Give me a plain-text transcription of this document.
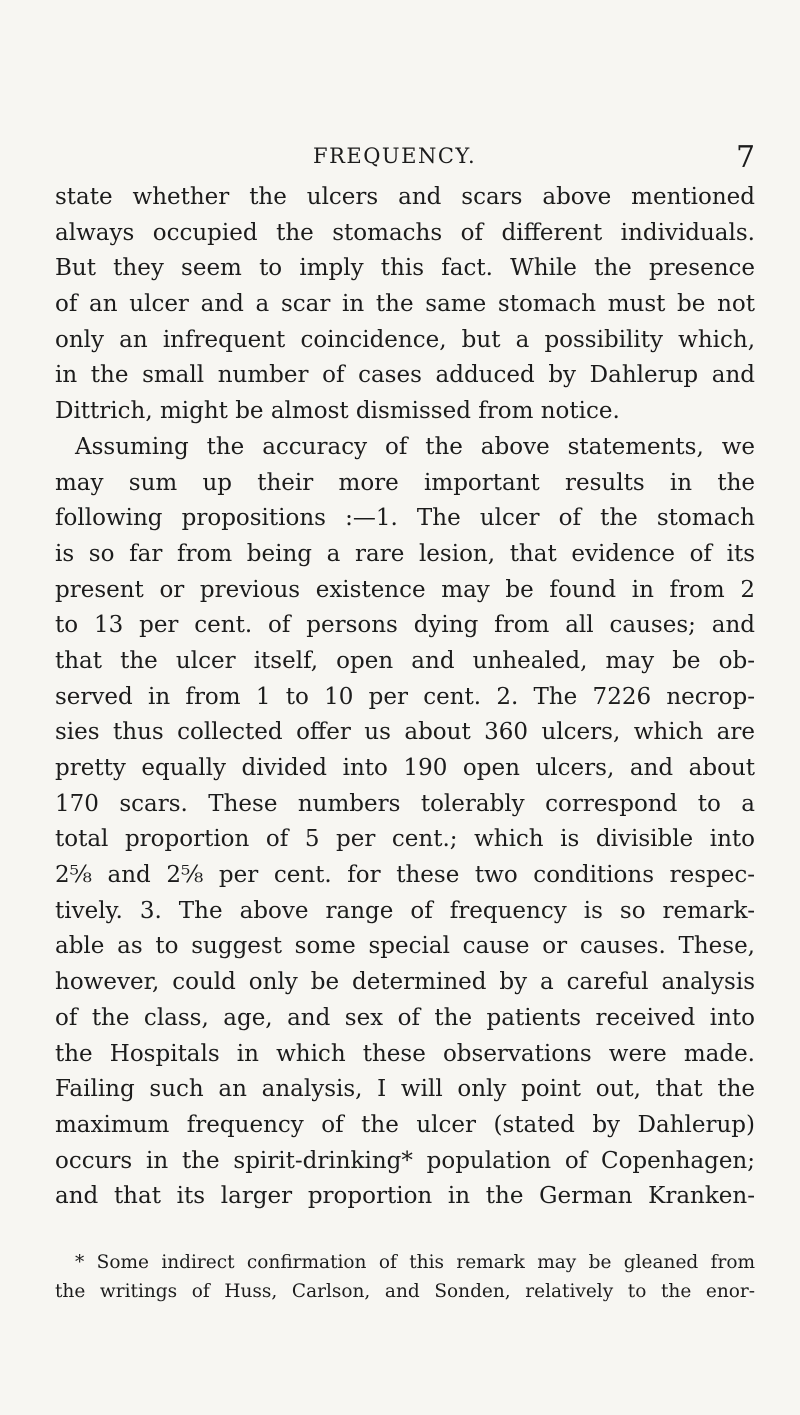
FREQUENCY.	7
state whether the ulcers and scars above mentioned
always occupied the stomachs of different individuals.
But they seem to imply this fact. While the presence
of an ulcer and a scar in the same stomach must be not
only an infrequent coincidence, but a possibility which,
in the small number of cases adduced by Dahlerup and
Dittrich, might be almost dismissed from notice.
Assuming the accuracy of the above statements, we
may sum up their more important results in the
following propositions :—1. The ulcer of the stomach
is so far from being a rare lesion, that evidence of its
present or previous existence may be found in from 2
to 13 per cent. of persons dying from all causes; and
that the ulcer itself, open and unhealed, may be ob-
served in from 1 to 10 per cent. 2. The 7226 necrop-
sies thus collected offer us about 360 ulcers, which are
pretty equally divided into 190 open ulcers, and about
170 scars. These numbers tolerably correspond to a
total proportion of 5 per cent.; which is divisible into
2⅝ and 2⅝ per cent. for these two conditions respec-
tively. 3. The above range of frequency is so remark-
able as to suggest some special cause or causes. These,
however, could only be determined by a careful analysis
of the class, age, and sex of the patients received into
the Hospitals in which these observations were made.
Failing such an analysis, I will only point out, that the
maximum frequency of the ulcer (stated by Dahlerup)
occurs in the spirit-drinking* population of Copenhagen;
and that its larger proportion in the German Kranken-
* Some indirect confirmation of this remark may be gleaned from
the writings of Huss, Carlson, and Sonden, relatively to the enor-
